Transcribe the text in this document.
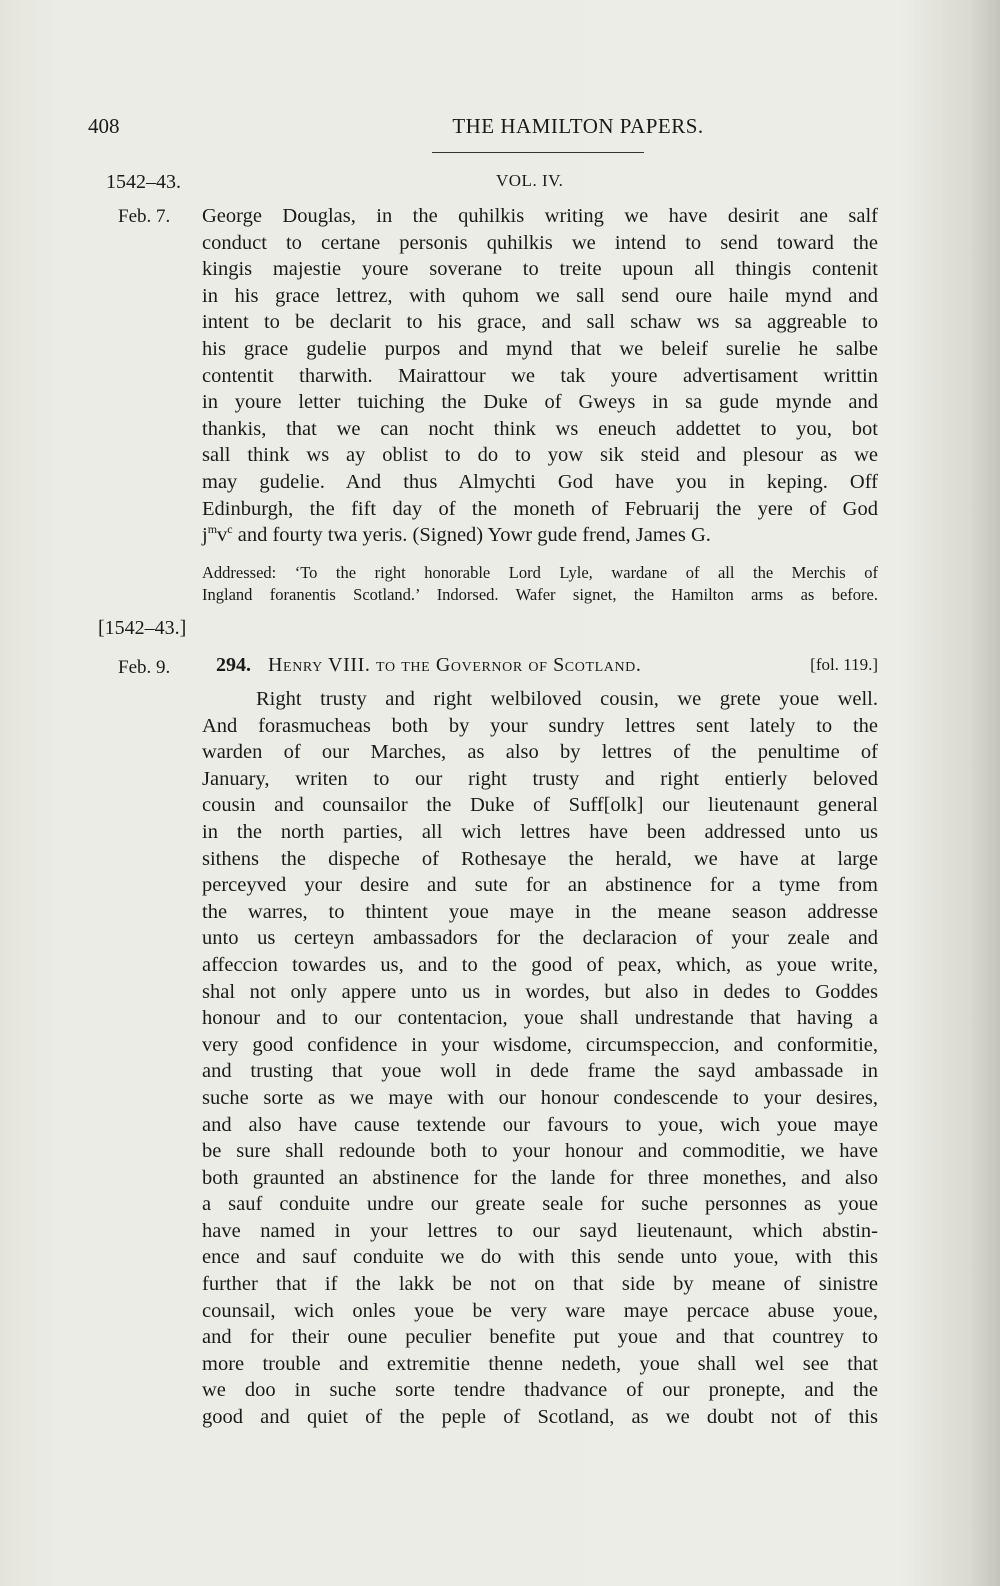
408	THE HAMILTON PAPERS.
1542–43.	VOL. IV.
Feb. 7. George Douglas, in the quhilkis writing we have desirit ane salf
conduct to certane personis quhilkis we intend to send toward the
kingis majestie youre soverane to treite upoun all thingis contenit
in his grace lettrez, with quhom we sall send oure haile mynd and
intent to be declarit to his grace, and sall schaw ws sa aggreable to
his grace gudelie purpos and mynd that we beleif surelie he salbe
contentit tharwith. Mairattour we tak youre advertisament writtin
in youre letter tuiching the Duke of Gweys in sa gude mynde and
thankis, that we can nocht think ws eneuch addettet to you, bot
sall think ws ay oblist to do to yow sik steid and plesour as we
may gudelie. And thus Almychti God have you in keping. Off
Edinburgh, the fift day of the moneth of Februarij the yere of God
$j^mv^c$ and fourty twa yeris. (Signed) Yowr gude frend, James G.
Addressed: ‘To the right honorable Lord Lyle, wardane of all the Merchis of
Ingland foranentis Scotland.’ Indorsed. Wafer signet, the Hamilton arms as before.
[1542–43.]
Feb. 9. 294. Henry VIII. to the Governor of Scotland.	[fol. 119.]
Right trusty and right welbiloved cousin, we grete youe well.
And forasmucheas both by your sundry lettres sent lately to the
warden of our Marches, as also by lettres of the penultime of
January, writen to our right trusty and right entierly beloved
cousin and counsailor the Duke of Suff[olk] our lieutenaunt general
in the north parties, all wich lettres have been addressed unto us
sithens the dispeche of Rothesaye the herald, we have at large
perceyved your desire and sute for an abstinence for a tyme from
the warres, to thintent youe maye in the meane season addresse
unto us certeyn ambassadors for the declaracion of your zeale and
affeccion towardes us, and to the good of peax, which, as youe write,
shal not only appere unto us in wordes, but also in dedes to Goddes
honour and to our contentacion, youe shall undrestande that having a
very good confidence in your wisdome, circumspeccion, and conformitie,
and trusting that youe woll in dede frame the sayd ambassade in
suche sorte as we maye with our honour condescende to your desires,
and also have cause textende our favours to youe, wich youe maye
be sure shall redounde both to your honour and commoditie, we have
both graunted an abstinence for the lande for three monethes, and also
a sauf conduite undre our greate seale for suche personnes as youe
have named in your lettres to our sayd lieutenaunt, which abstin-
ence and sauf conduite we do with this sende unto youe, with this
further that if the lakk be not on that side by meane of sinistre
counsail, wich onles youe be very ware maye percace abuse youe,
and for their oune peculier benefite put youe and that countrey to
more trouble and extremitie thenne nedeth, youe shall wel see that
we doo in suche sorte tendre thadvance of our pronepte, and the
good and quiet of the peple of Scotland, as we doubt not of this
